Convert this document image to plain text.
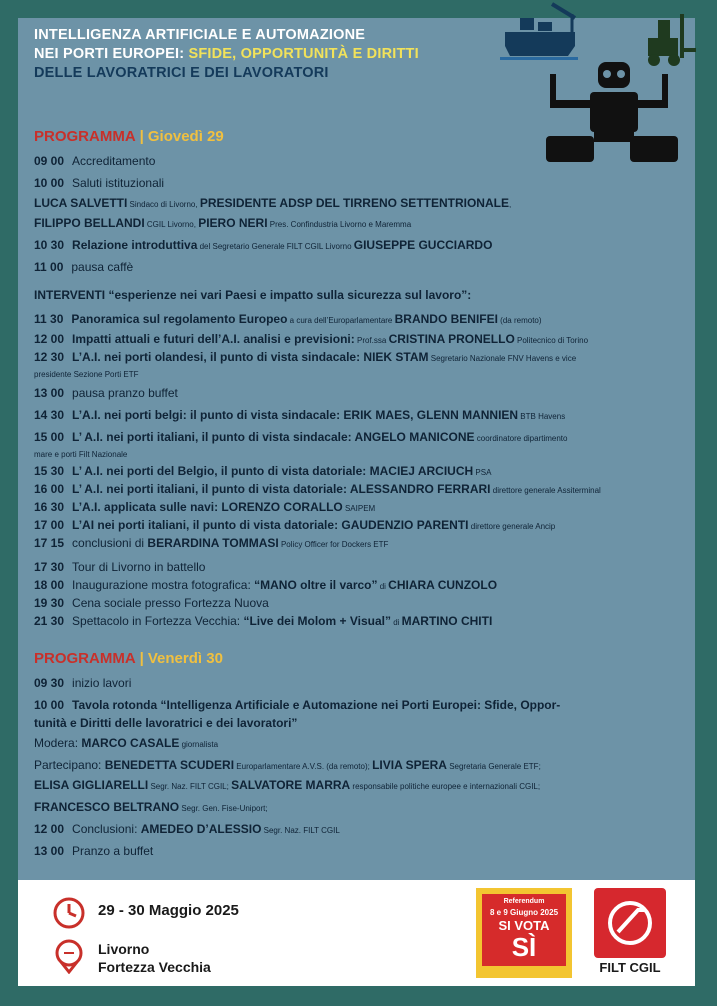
INTELLIGENZA ARTIFICIALE E AUTOMAZIONE
NEI PORTI EUROPEI: SFIDE, OPPORTUNITÀ E DIRITTI
DELLE LAVORATRICI E DEI LAVORATORI
PROGRAMMA | Giovedì 29
09 00 Accreditamento
10 00 Saluti istituzionali
LUCA SALVETTI Sindaco di Livorno, PRESIDENTE ADSP DEL TIRRENO SETTENTRIONALE,
FILIPPO BELLANDI CGIL Livorno, PIERO NERI Pres. Confindustria Livorno e Maremma
10 30 Relazione introduttiva del Segretario Generale FILT CGIL Livorno GIUSEPPE GUCCIARDO
11 00 pausa caffè
INTERVENTI “esperienze nei vari Paesi e impatto sulla sicurezza sul lavoro”:
11 30 Panoramica sul regolamento Europeo a cura dell’Europarlamentare BRANDO BENIFEI (da remoto)
12 00 Impatti attuali e futuri dell’A.I. analisi e previsioni: Prof.ssa CRISTINA PRONELLO Politecnico di Torino
12 30 L’A.I. nei porti olandesi, il punto di vista sindacale: NIEK STAM Segretario Nazionale FNV Havens e vice
presidente Sezione Porti ETF
13 00 pausa pranzo buffet
14 30 L’A.I. nei porti belgi: il punto di vista sindacale: ERIK MAES, GLENN MANNIEN BTB Havens
15 00 L’ A.I. nei porti italiani, il punto di vista sindacale: ANGELO MANICONE coordinatore dipartimento
mare e porti Filt Nazionale
15 30 L’ A.I. nei porti del Belgio, il punto di vista datoriale: MACIEJ ARCIUCH PSA
16 00 L’ A.I. nei porti italiani, il punto di vista datoriale: ALESSANDRO FERRARI direttore generale Assiterminal
16 30 L’A.I. applicata sulle navi: LORENZO CORALLO SAIPEM
17 00 L’AI nei porti italiani, il punto di vista datoriale: GAUDENZIO PARENTI direttore generale Ancip
17 15 conclusioni di BERARDINA TOMMASI Policy Officer for Dockers ETF
17 30 Tour di Livorno in battello
18 00 Inaugurazione mostra fotografica: “MANO oltre il varco” di CHIARA CUNZOLO
19 30 Cena sociale presso Fortezza Nuova
21 30 Spettacolo in Fortezza Vecchia: “Live dei Molom + Visual” di MARTINO CHITI
PROGRAMMA | Venerdì 30
09 30 inizio lavori
10 00 Tavola rotonda “Intelligenza Artificiale e Automazione nei Porti Europei: Sfide, Oppor-
tunità e Diritti delle lavoratrici e dei lavoratori”
Modera: MARCO CASALE giornalista
Partecipano: BENEDETTA SCUDERI Europarlamentare A.V.S. (da remoto); LIVIA SPERA Segretaria Generale ETF;
ELISA GIGLIARELLI Segr. Naz. FILT CGIL; SALVATORE MARRA responsabile politiche europee e internazionali CGIL;
FRANCESCO BELTRANO Segr. Gen. Fise-Uniport;
12 00 Conclusioni: AMEDEO D’ALESSIO Segr. Naz. FILT CGIL
13 00 Pranzo a buffet
29 - 30 Maggio 2025
Livorno
Fortezza Vecchia
Referendum
8 e 9 Giugno 2025
SI VOTA
SÌ
FILT CGIL
